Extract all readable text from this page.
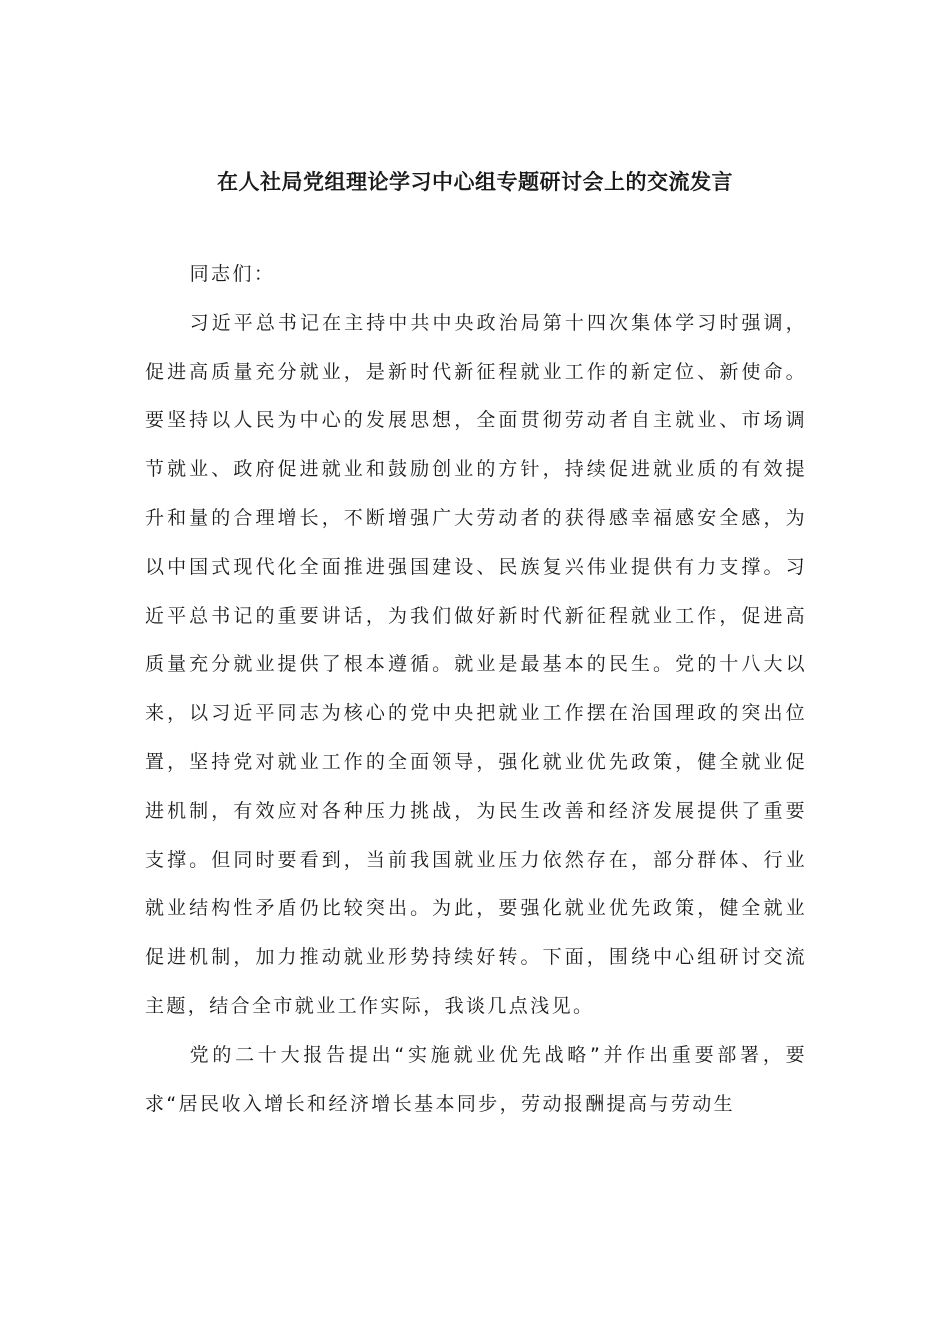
在人社局党组理论学习中心组专题研讨会上的交流发言

同志们：

习近平总书记在主持中共中央政治局第十四次集体学习时强调，促进高质量充分就业，是新时代新征程就业工作的新定位、新使命。要坚持以人民为中心的发展思想，全面贯彻劳动者自主就业、市场调节就业、政府促进就业和鼓励创业的方针，持续促进就业质的有效提升和量的合理增长，不断增强广大劳动者的获得感幸福感安全感，为以中国式现代化全面推进强国建设、民族复兴伟业提供有力支撑。习近平总书记的重要讲话，为我们做好新时代新征程就业工作，促进高质量充分就业提供了根本遵循。就业是最基本的民生。党的十八大以来，以习近平同志为核心的党中央把就业工作摆在治国理政的突出位置，坚持党对就业工作的全面领导，强化就业优先政策，健全就业促进机制，有效应对各种压力挑战，为民生改善和经济发展提供了重要支撑。但同时要看到，当前我国就业压力依然存在，部分群体、行业就业结构性矛盾仍比较突出。为此，要强化就业优先政策，健全就业促进机制，加力推动就业形势持续好转。下面，围绕中心组研讨交流主题，结合全市就业工作实际，我谈几点浅见。

党的二十大报告提出“实施就业优先战略”并作出重要部署，要求“居民收入增长和经济增长基本同步，劳动报酬提高与劳动生
